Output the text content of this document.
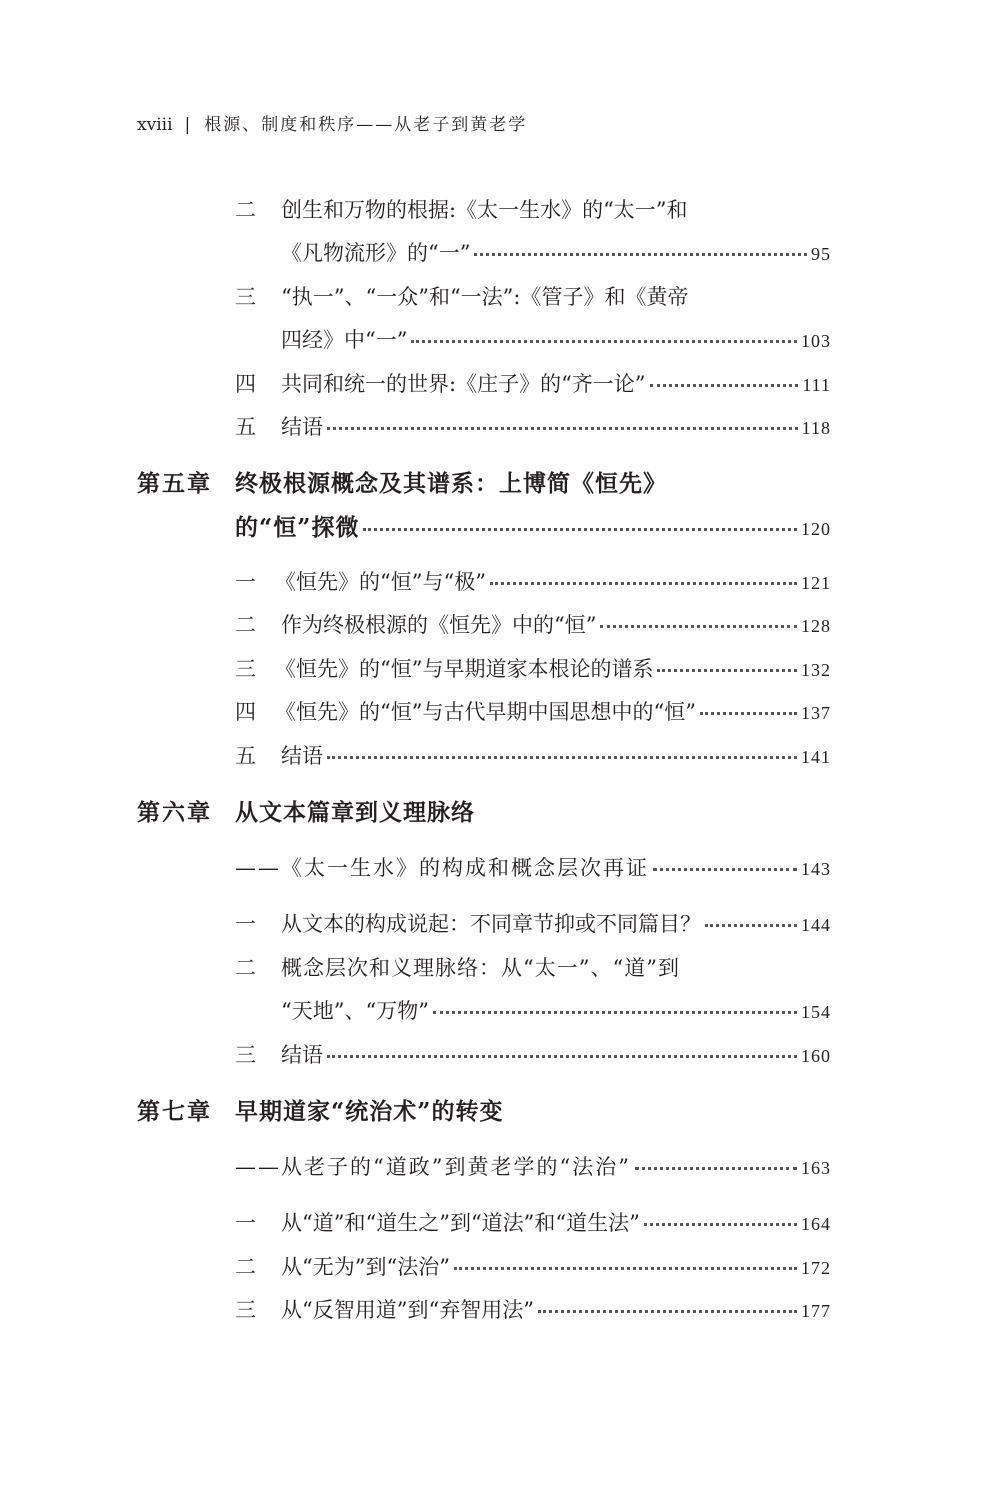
xviii | 根源、制度和秩序——从老子到黄老学
二	创生和万物的根据:《太一生水》的“太一”和
《凡物流形》的“一”	95
三	“执一”、“一众”和“一法”:《管子》和《黄帝
四经》中“一”	103
四	共同和统一的世界:《庄子》的“齐一论”	111
五	结语	118
第五章	终极根源概念及其谱系：上博简《恒先》
的“恒”探微	120
一 《恒先》的“恒”与“极”	121
二	作为终极根源的《恒先》中的“恒”	128
三 《恒先》的“恒”与早期道家本根论的谱系	132
四 《恒先》的“恒”与古代早期中国思想中的“恒”	137
五	结语	141
第六章	从文本篇章到义理脉络
——《太一生水》的构成和概念层次再证	143
一	从文本的构成说起：不同章节抑或不同篇目？	144
二	概念层次和义理脉络：从“太一”、“道”到
“天地”、“万物”	154
三	结语	160
第七章	早期道家“统治术”的转变
——从老子的“道政”到黄老学的“法治”	163
一	从“道”和“道生之”到“道法”和“道生法”	164
二	从“无为”到“法治”	172
三	从“反智用道”到“弃智用法”	177
